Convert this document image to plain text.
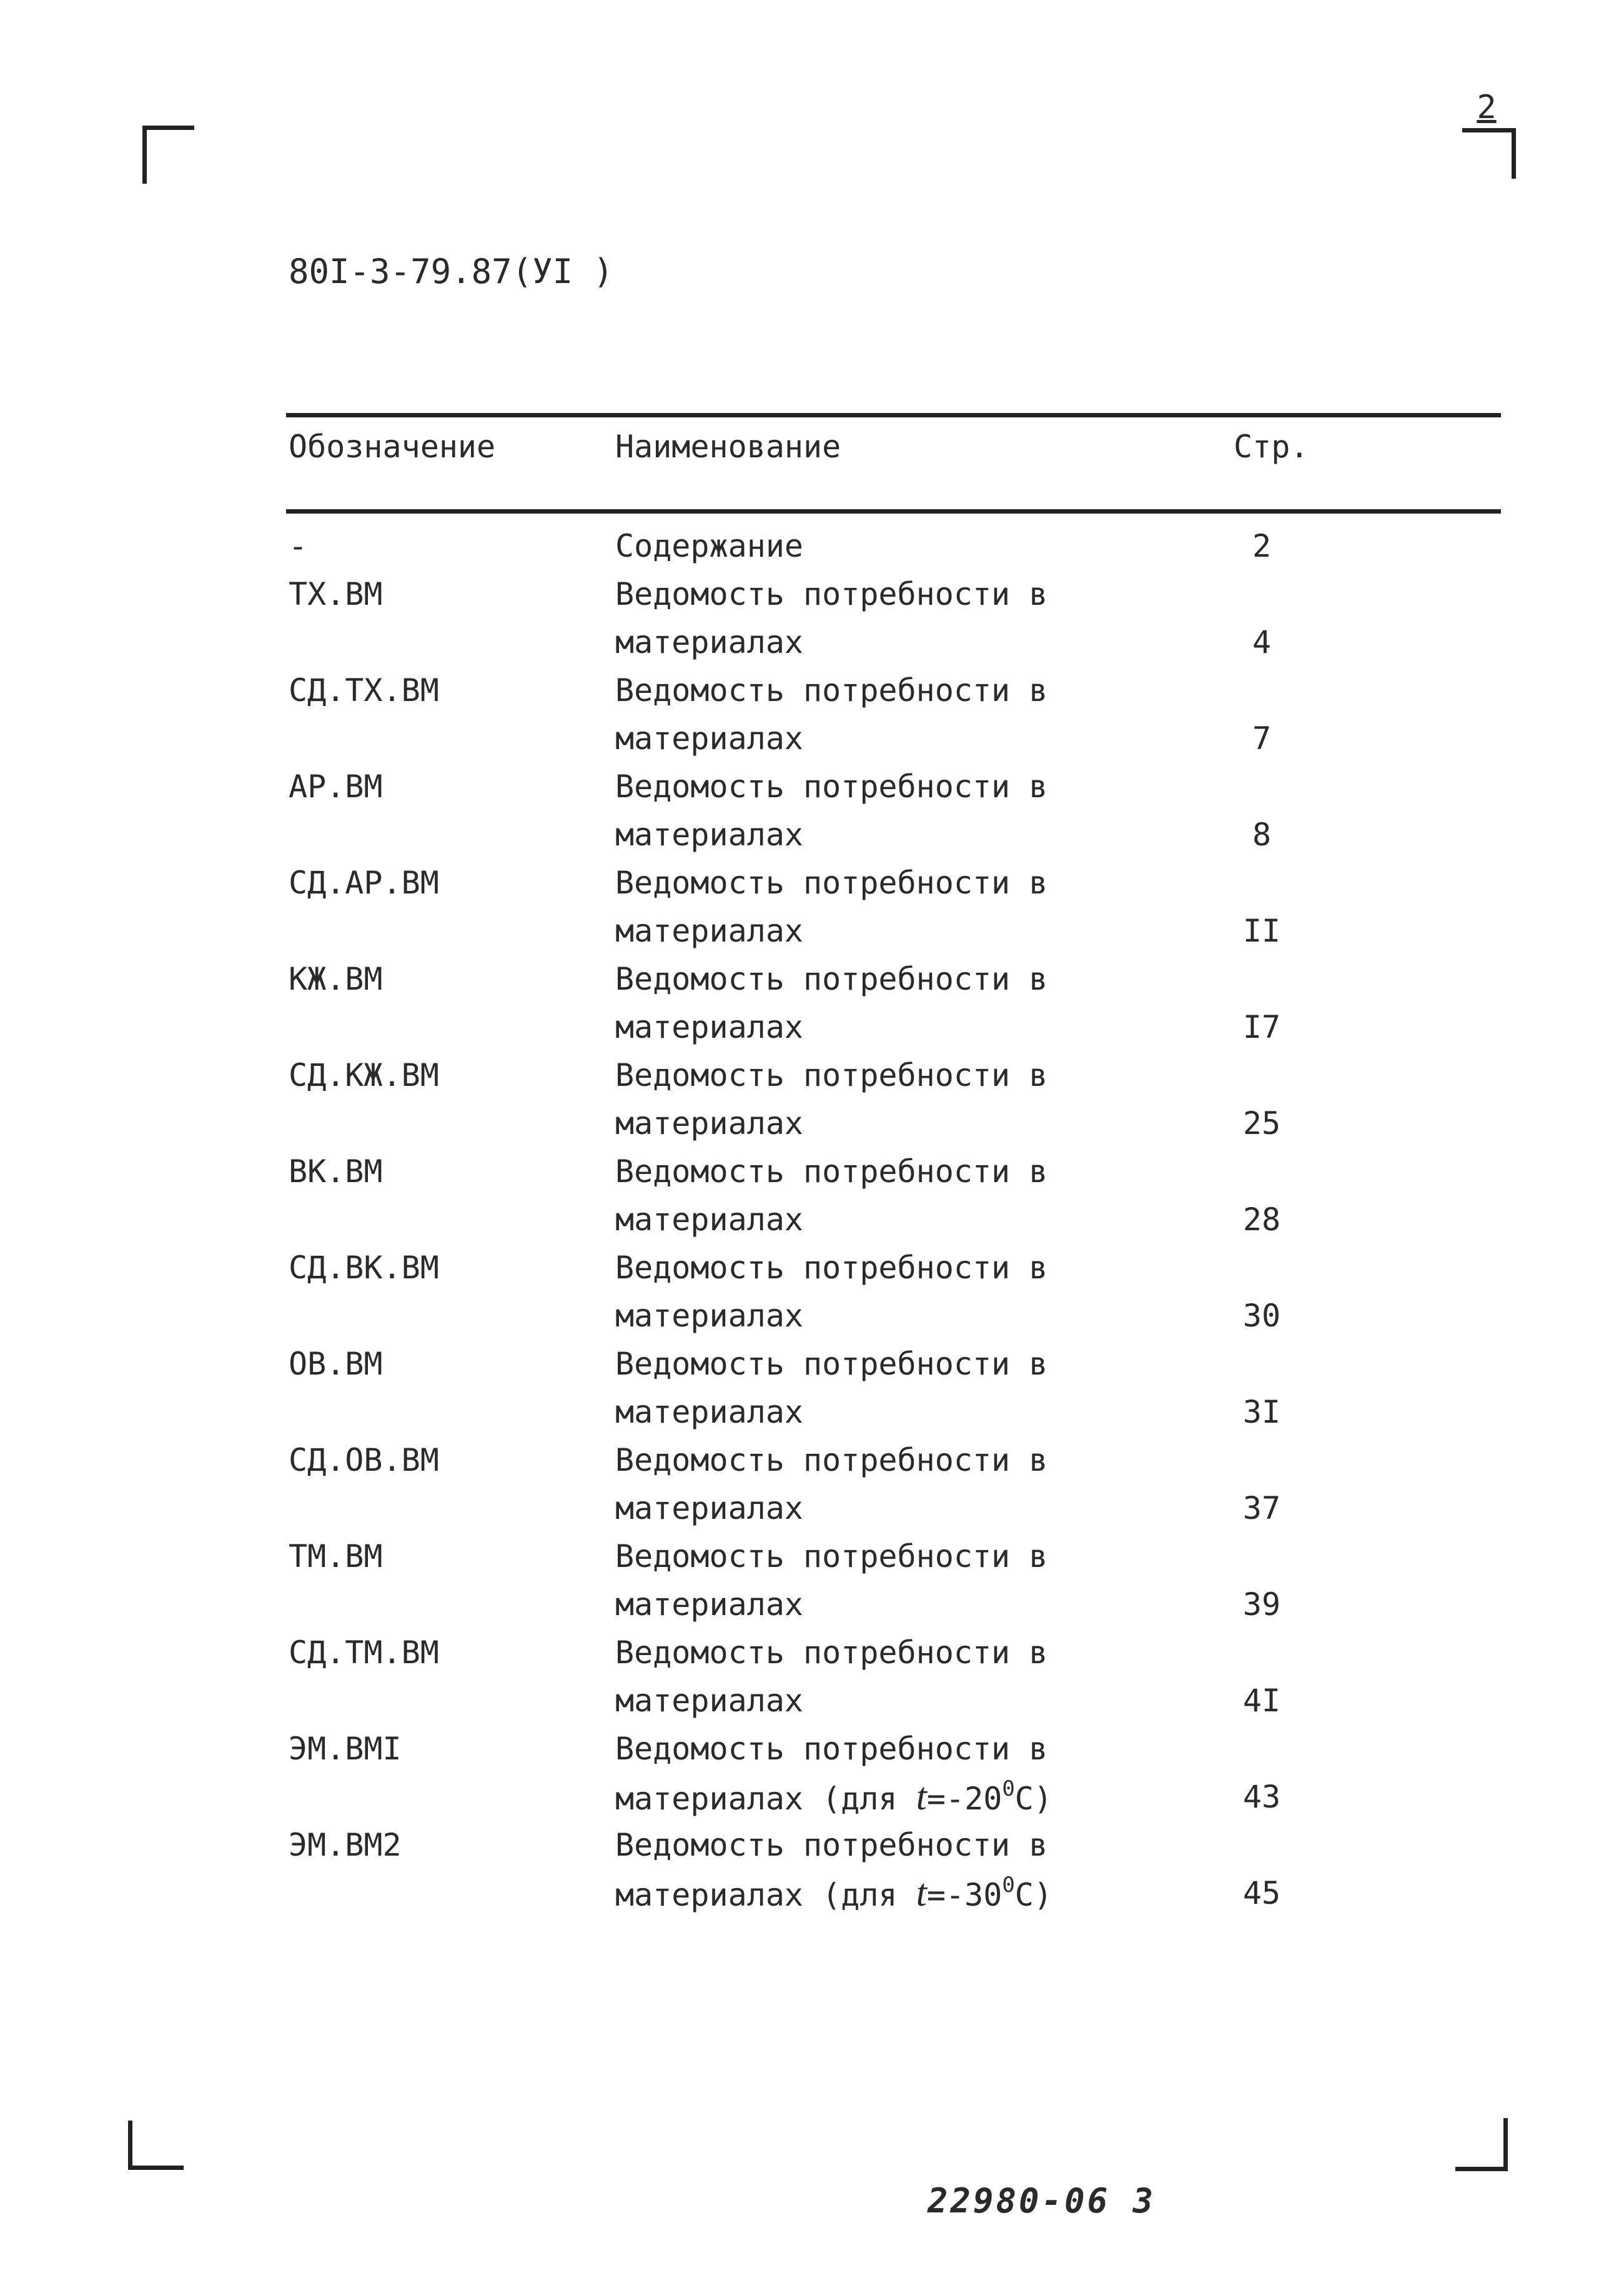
2
80I-3-79.87(УI )
Обозначение	Наименование	Стр.
-	Содержание	2
ТХ.ВМ	Ведомость потребности в
материалах	4
СД.ТХ.ВМ	Ведомость потребности в
материалах	7
АР.ВМ	Ведомость потребности в
материалах	8
СД.АР.ВМ	Ведомость потребности в
материалах	II
КЖ.ВМ	Ведомость потребности в
материалах	I7
СД.КЖ.ВМ	Ведомость потребности в
материалах	25
ВК.ВМ	Ведомость потребности в
материалах	28
СД.ВК.ВМ	Ведомость потребности в
материалах	30
ОВ.ВМ	Ведомость потребности в
материалах	3I
СД.ОВ.ВМ	Ведомость потребности в
материалах	37
ТМ.ВМ	Ведомость потребности в
материалах	39
СД.ТМ.ВМ	Ведомость потребности в
материалах	4I
ЭМ.ВМI	Ведомость потребности в
материалах (для $t=-20^0С$)	43
ЭМ.ВМ2	Ведомость потребности в
материалах (для $t=-30^0С$)	45
22980-06 3
